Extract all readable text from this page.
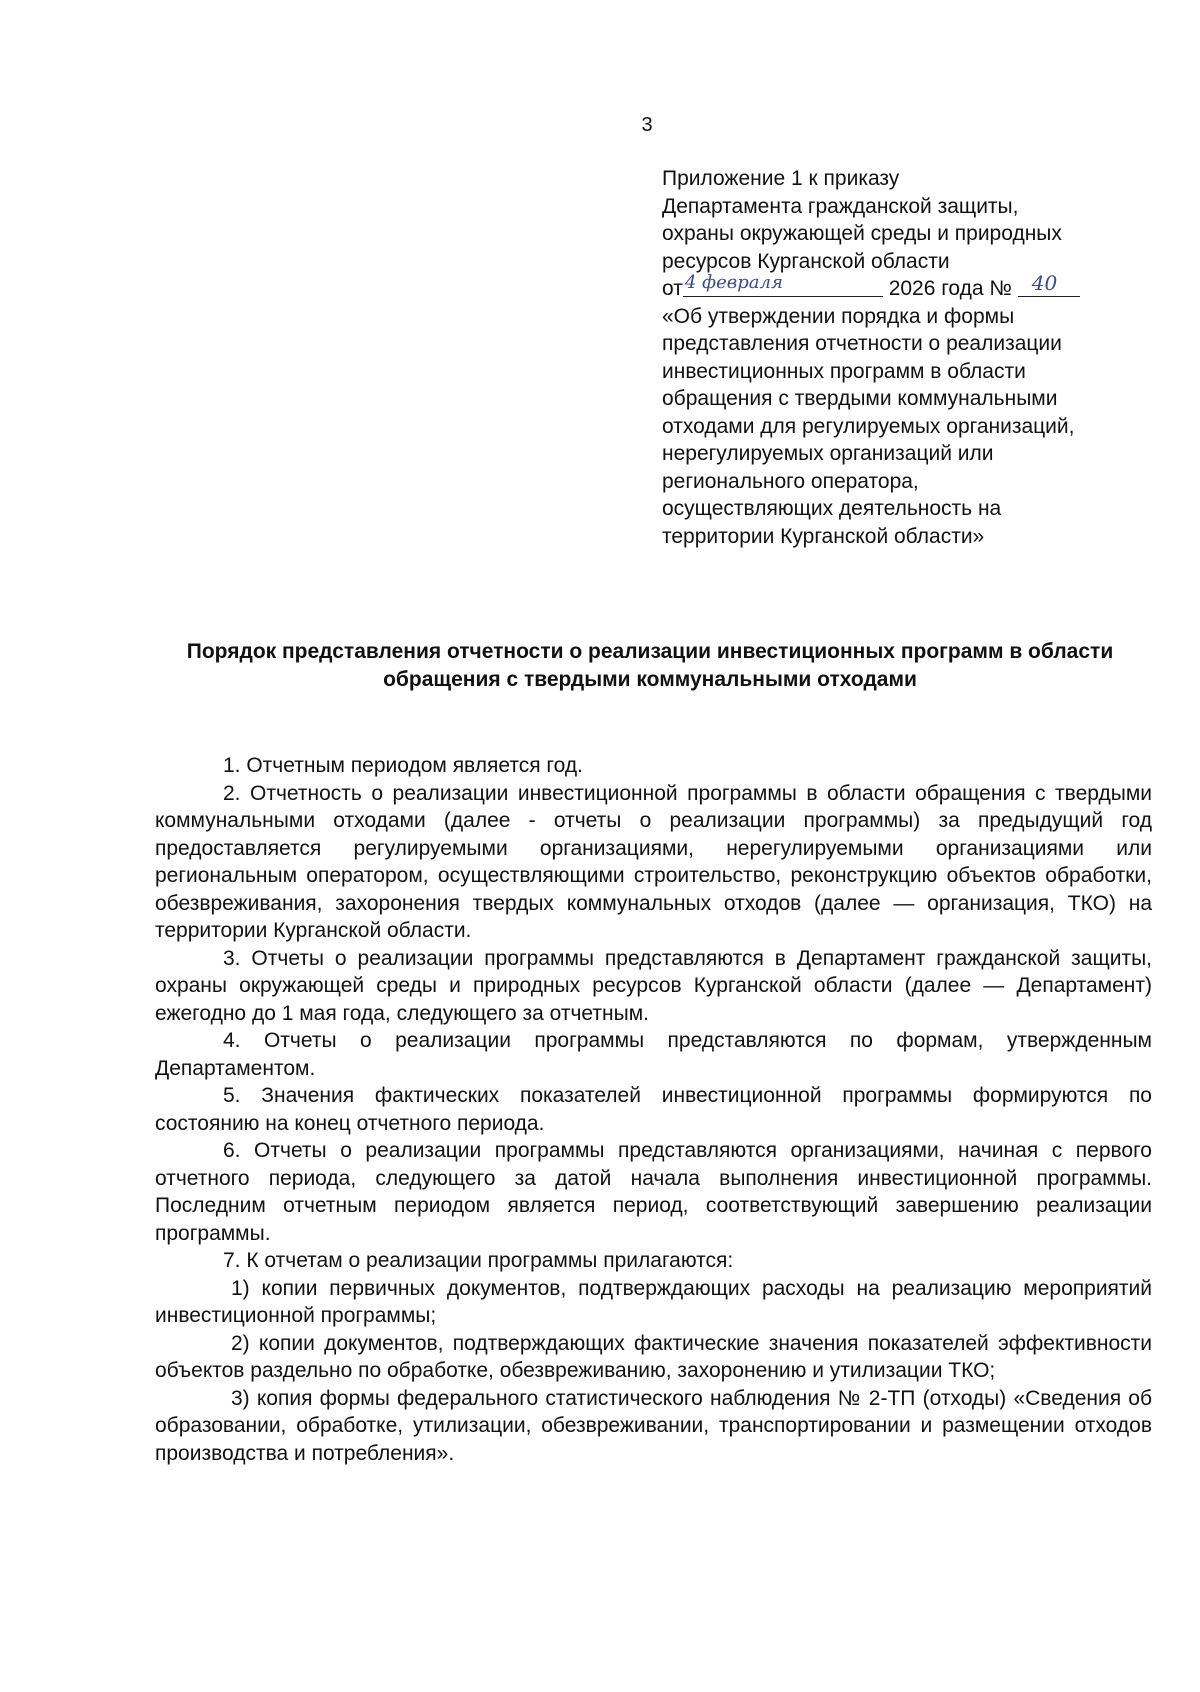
3
Приложение 1 к приказу
Департамента гражданской защиты,
охраны окружающей среды и природных
ресурсов Курганской области
от 4 февраля	2026 года № 40
«Об утверждении порядка и формы
представления отчетности о реализации
инвестиционных программ в области
обращения с твердыми коммунальными
отходами для регулируемых организаций,
нерегулируемых организаций или
регионального оператора,
осуществляющих деятельность на
территории Курганской области»
Порядок представления отчетности о реализации инвестиционных программ в области обращения с твердыми коммунальными отходами

1. Отчетным периодом является год.

2. Отчетность о реализации инвестиционной программы в области обращения с твердыми коммунальными отходами (далее - отчеты о реализации программы) за предыдущий год предоставляется регулируемыми организациями, нерегулируемыми организациями или региональным оператором, осуществляющими строительство, реконструкцию объектов обработки, обезвреживания, захоронения твердых коммунальных отходов (далее — организация, ТКО) на территории Курганской области.

3. Отчеты о реализации программы представляются в Департамент гражданской защиты, охраны окружающей среды и природных ресурсов Курганской области (далее — Департамент) ежегодно до 1 мая года, следующего за отчетным.

4. Отчеты о реализации программы представляются по формам, утвержденным Департаментом.

5. Значения фактических показателей инвестиционной программы формируются по состоянию на конец отчетного периода.

6. Отчеты о реализации программы представляются организациями, начиная с первого отчетного периода, следующего за датой начала выполнения инвестиционной программы. Последним отчетным периодом является период, соответствующий завершению реализации программы.

7. К отчетам о реализации программы прилагаются:

1) копии первичных документов, подтверждающих расходы на реализацию мероприятий инвестиционной программы;

2) копии документов, подтверждающих фактические значения показателей эффективности объектов раздельно по обработке, обезвреживанию, захоронению и утилизации ТКО;

3) копия формы федерального статистического наблюдения № 2-ТП (отходы) «Сведения об образовании, обработке, утилизации, обезвреживании, транспортировании и размещении отходов производства и потребления».
